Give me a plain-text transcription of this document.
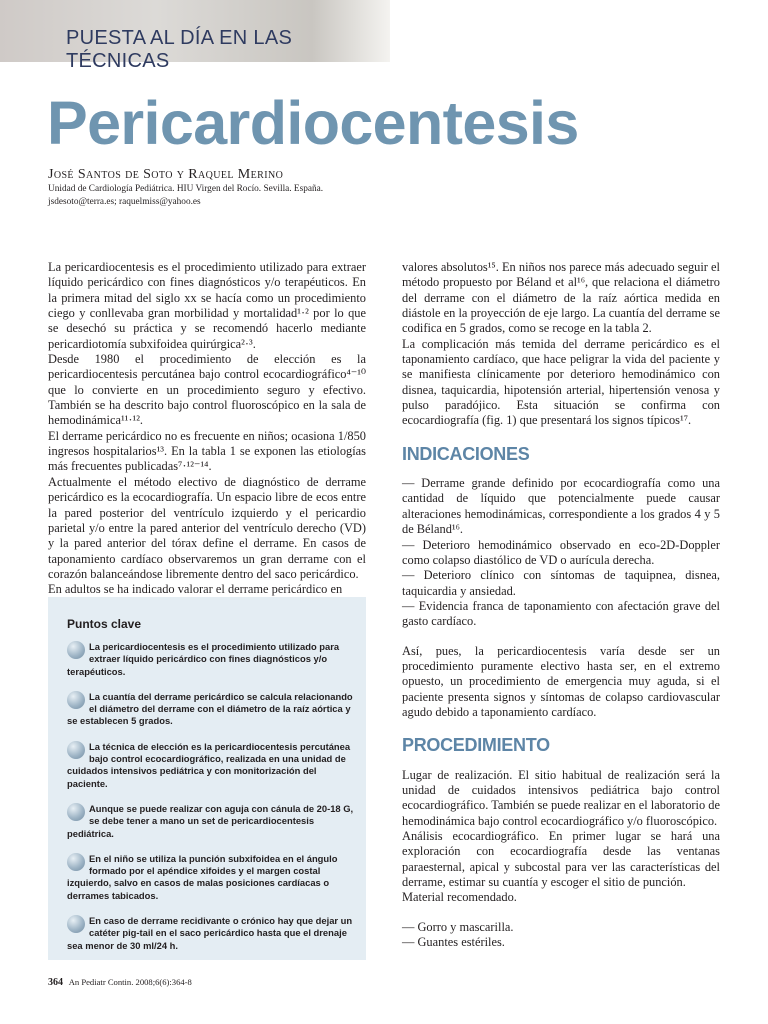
PUESTA AL DÍA EN LAS TÉCNICAS
Pericardiocentesis
José Santos de Soto y Raquel Merino
Unidad de Cardiología Pediátrica. HIU Virgen del Rocío. Sevilla. España.
jsdesoto@terra.es; raquelmiss@yahoo.es

La pericardiocentesis es el procedimiento utilizado para extraer líquido pericárdico con fines diagnósticos y/o terapéuticos. En la primera mitad del siglo xx se hacía como un procedimiento ciego y conllevaba gran morbilidad y mortalidad¹·² por lo que se desechó su práctica y se recomendó hacerlo mediante pericardiotomía subxifoidea quirúrgica²·³.

Desde 1980 el procedimiento de elección es la pericardiocentesis percutánea bajo control ecocardiográfico⁴⁻¹⁰ que lo convierte en un procedimiento seguro y efectivo. También se ha descrito bajo control fluoroscópico en la sala de hemodinámica¹¹·¹².

El derrame pericárdico no es frecuente en niños; ocasiona 1/850 ingresos hospitalarios¹³. En la tabla 1 se exponen las etiologías más frecuentes publicadas⁷·¹²⁻¹⁴.

Actualmente el método electivo de diagnóstico de derrame pericárdico es la ecocardiografía. Un espacio libre de ecos entre la pared posterior del ventrículo izquierdo y el pericardio parietal y/o entre la pared anterior del ventrículo derecho (VD) y la pared anterior del tórax define el derrame. En casos de taponamiento cardíaco observaremos un gran derrame con el corazón balanceándose libremente dentro del saco pericárdico.

En adultos se ha indicado valorar el derrame pericárdico en

Puntos clave
La pericardiocentesis es el procedimiento utilizado para extraer líquido pericárdico con fines diagnósticos y/o terapéuticos.
La cuantía del derrame pericárdico se calcula relacionando el diámetro del derrame con el diámetro de la raíz aórtica y se establecen 5 grados.
La técnica de elección es la pericardiocentesis percutánea bajo control ecocardiográfico, realizada en una unidad de cuidados intensivos pediátrica y con monitorización del paciente.
Aunque se puede realizar con aguja con cánula de 20-18 G, se debe tener a mano un set de pericardiocentesis pediátrica.
En el niño se utiliza la punción subxifoidea en el ángulo formado por el apéndice xifoides y el margen costal izquierdo, salvo en casos de malas posiciones cardíacas o derrames tabicados.
En caso de derrame recidivante o crónico hay que dejar un catéter pig-tail en el saco pericárdico hasta que el drenaje sea menor de 30 ml/24 h.

valores absolutos¹⁵. En niños nos parece más adecuado seguir el método propuesto por Béland et al¹⁶, que relaciona el diámetro del derrame con el diámetro de la raíz aórtica medida en diástole en la proyección de eje largo. La cuantía del derrame se codifica en 5 grados, como se recoge en la tabla 2.

La complicación más temida del derrame pericárdico es el taponamiento cardíaco, que hace peligrar la vida del paciente y se manifiesta clínicamente por deterioro hemodinámico con disnea, taquicardia, hipotensión arterial, hipertensión venosa y pulso paradójico. Esta situación se confirma con ecocardiografía (fig. 1) que presentará los signos típicos¹⁷.

INDICACIONES

— Derrame grande definido por ecocardiografía como una cantidad de líquido que potencialmente puede causar alteraciones hemodinámicas, correspondiente a los grados 4 y 5 de Béland¹⁶.

— Deterioro hemodinámico observado en eco-2D-Doppler como colapso diastólico de VD o aurícula derecha.

— Deterioro clínico con síntomas de taquipnea, disnea, taquicardia y ansiedad.

— Evidencia franca de taponamiento con afectación grave del gasto cardíaco.

Así, pues, la pericardiocentesis varía desde ser un procedimiento puramente electivo hasta ser, en el extremo opuesto, un procedimiento de emergencia muy aguda, si el paciente presenta signos y síntomas de colapso cardiovascular agudo debido a taponamiento cardíaco.

PROCEDIMIENTO

Lugar de realización. El sitio habitual de realización será la unidad de cuidados intensivos pediátrica bajo control ecocardiográfico. También se puede realizar en el laboratorio de hemodinámica bajo control ecocardiográfico y/o fluoroscópico.

Análisis ecocardiográfico. En primer lugar se hará una exploración con ecocardiografía desde las ventanas paraesternal, apical y subcostal para ver las características del derrame, estimar su cuantía y escoger el sitio de punción.

Material recomendado.

— Gorro y mascarilla.

— Guantes estériles.

364 An Pediatr Contin. 2008;6(6):364-8
